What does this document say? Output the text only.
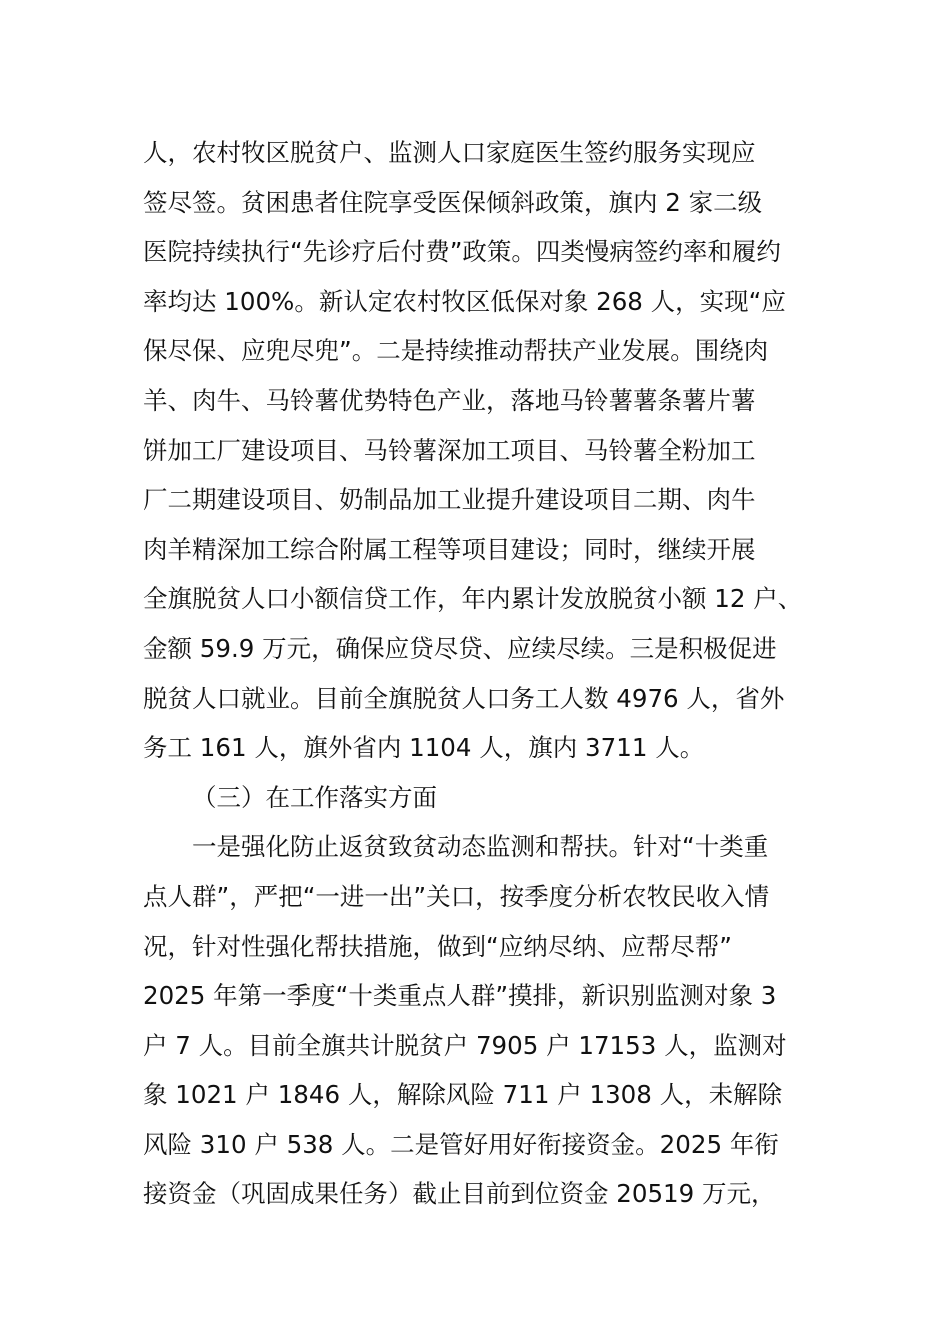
人，农村牧区脱贫户、监测人口家庭医生签约服务实现应
签尽签。贫困患者住院享受医保倾斜政策，旗内 2 家二级
医院持续执行“先诊疗后付费”政策。四类慢病签约率和履约
率均达 100%。新认定农村牧区低保对象 268 人，实现“应
保尽保、应兜尽兜”。二是持续推动帮扶产业发展。围绕肉
羊、肉牛、马铃薯优势特色产业，落地马铃薯薯条薯片薯
饼加工厂建设项目、马铃薯深加工项目、马铃薯全粉加工
厂二期建设项目、奶制品加工业提升建设项目二期、肉牛
肉羊精深加工综合附属工程等项目建设；同时，继续开展
全旗脱贫人口小额信贷工作，年内累计发放脱贫小额 12 户、
金额 59.9 万元，确保应贷尽贷、应续尽续。三是积极促进
脱贫人口就业。目前全旗脱贫人口务工人数 4976 人，省外
务工 161 人，旗外省内 1104 人，旗内 3711 人。
（三）在工作落实方面
一是强化防止返贫致贫动态监测和帮扶。针对“十类重
点人群”，严把“一进一出”关口，按季度分析农牧民收入情
况，针对性强化帮扶措施，做到“应纳尽纳、应帮尽帮”
2025 年第一季度“十类重点人群”摸排，新识别监测对象 3
户 7 人。目前全旗共计脱贫户 7905 户 17153 人，监测对
象 1021 户 1846 人，解除风险 711 户 1308 人，未解除
风险 310 户 538 人。二是管好用好衔接资金。2025 年衔
接资金（巩固成果任务）截止目前到位资金 20519 万元，
